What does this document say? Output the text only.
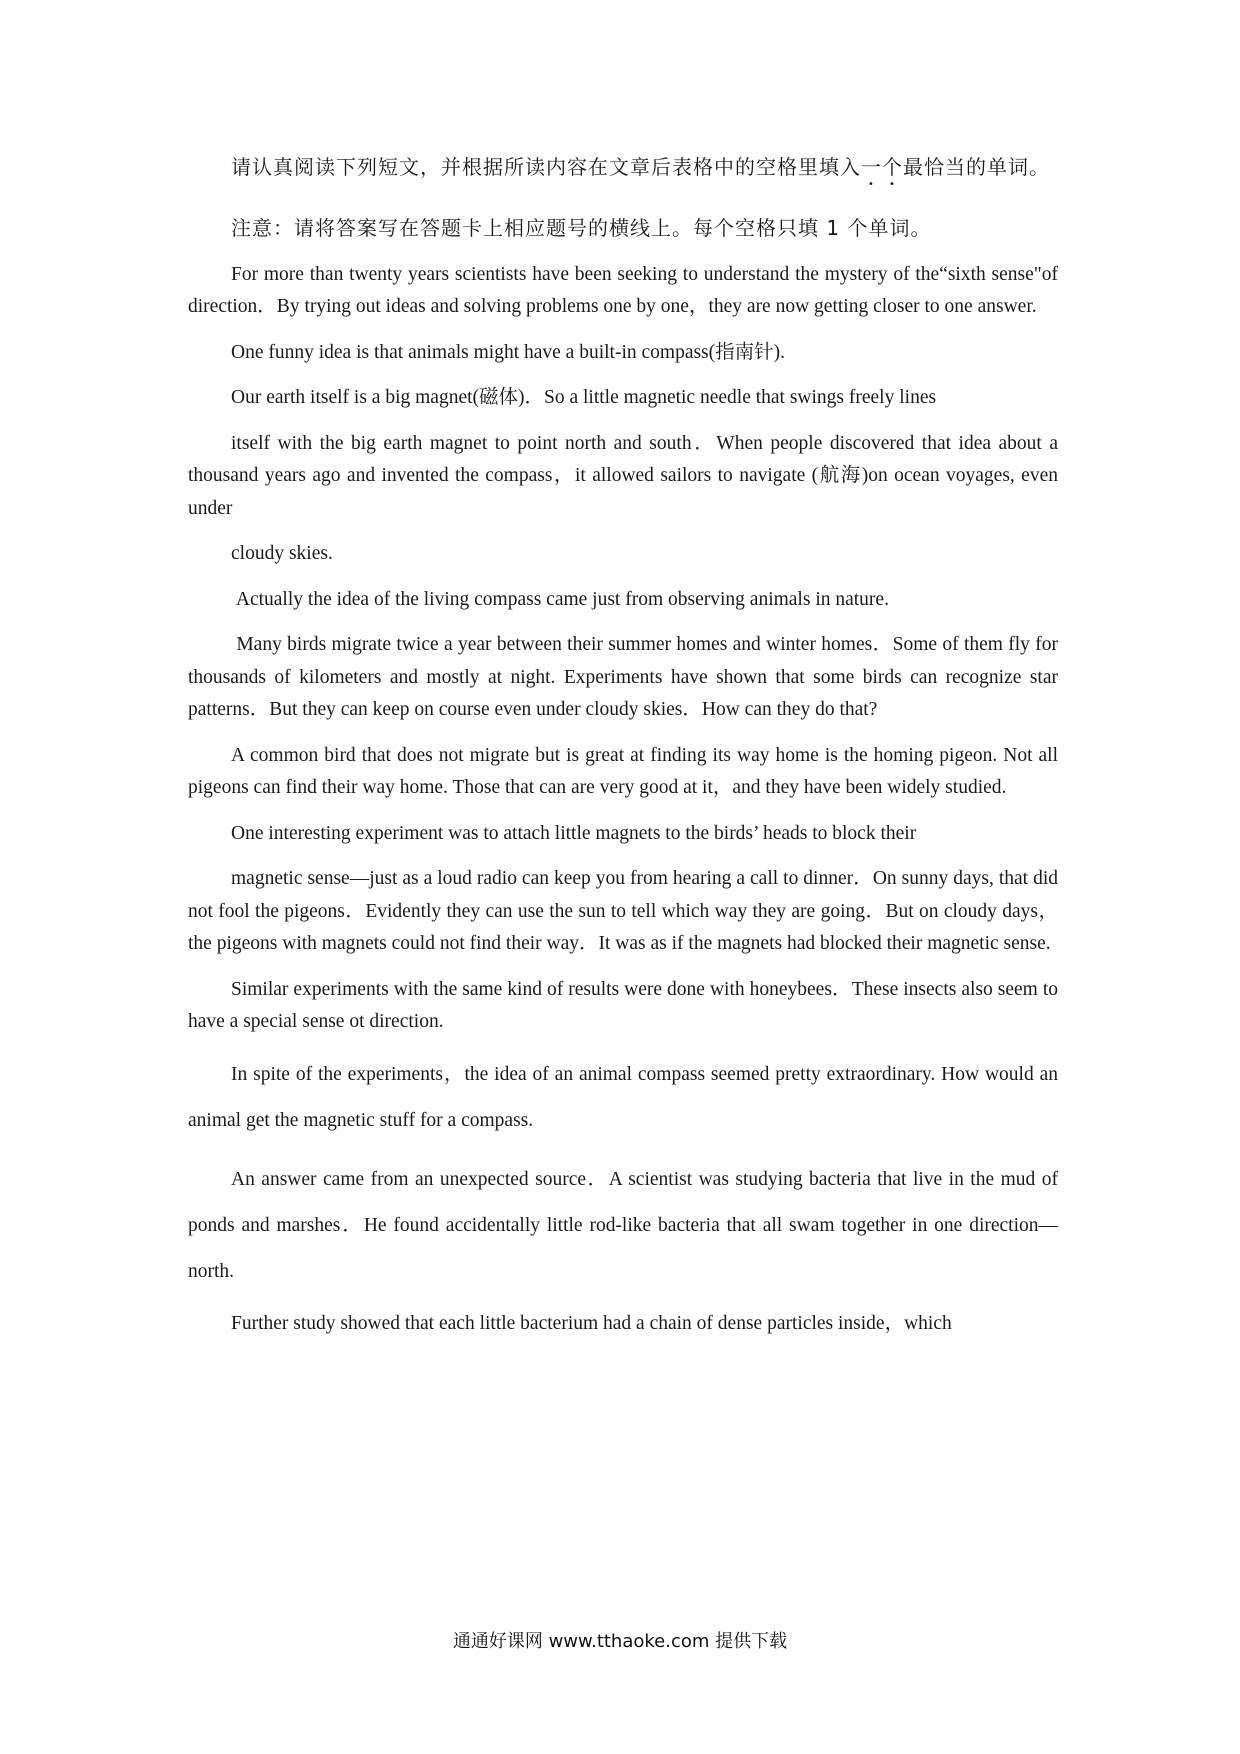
请认真阅读下列短文，并根据所读内容在文章后表格中的空格里填入一个最恰当的单词。

注意：请将答案写在答题卡上相应题号的横线上。每个空格只填 1 个单词。

For more than twenty years scientists have been seeking to understand the mystery of the“sixth sense"of direction．By trying out ideas and solving problems one by one，they are now getting closer to one answer.

One funny idea is that animals might have a built-in compass(指南针).

Our earth itself is a big magnet(磁体)．So a little magnetic needle that swings freely lines

itself with the big earth magnet to point north and south．When people discovered that idea about a thousand years ago and invented the compass，it allowed sailors to navigate (航海)on ocean voyages, even under

cloudy skies.

Actually the idea of the living compass came just from observing animals in nature.

Many birds migrate twice a year between their summer homes and winter homes．Some of them fly for thousands of kilometers and mostly at night. Experiments have shown that some birds can recognize star patterns．But they can keep on course even under cloudy skies．How can they do that?

A common bird that does not migrate but is great at finding its way home is the homing pigeon. Not all pigeons can find their way home. Those that can are very good at it，and they have been widely studied.

One interesting experiment was to attach little magnets to the birds’ heads to block their

magnetic sense—just as a loud radio can keep you from hearing a call to dinner．On sunny days, that did not fool the pigeons．Evidently they can use the sun to tell which way they are going．But on cloudy days，the pigeons with magnets could not find their way．It was as if the magnets had blocked their magnetic sense.

Similar experiments with the same kind of results were done with honeybees．These insects also seem to have a special sense ot direction.

In spite of the experiments，the idea of an animal compass seemed pretty extraordinary. How would an animal get the magnetic stuff for a compass.

An answer came from an unexpected source．A scientist was studying bacteria that live in the mud of ponds and marshes．He found accidentally little rod-like bacteria that all swam together in one direction—north.

Further study showed that each little bacterium had a chain of dense particles inside，which

通通好课网 www.tthaoke.com 提供下载
